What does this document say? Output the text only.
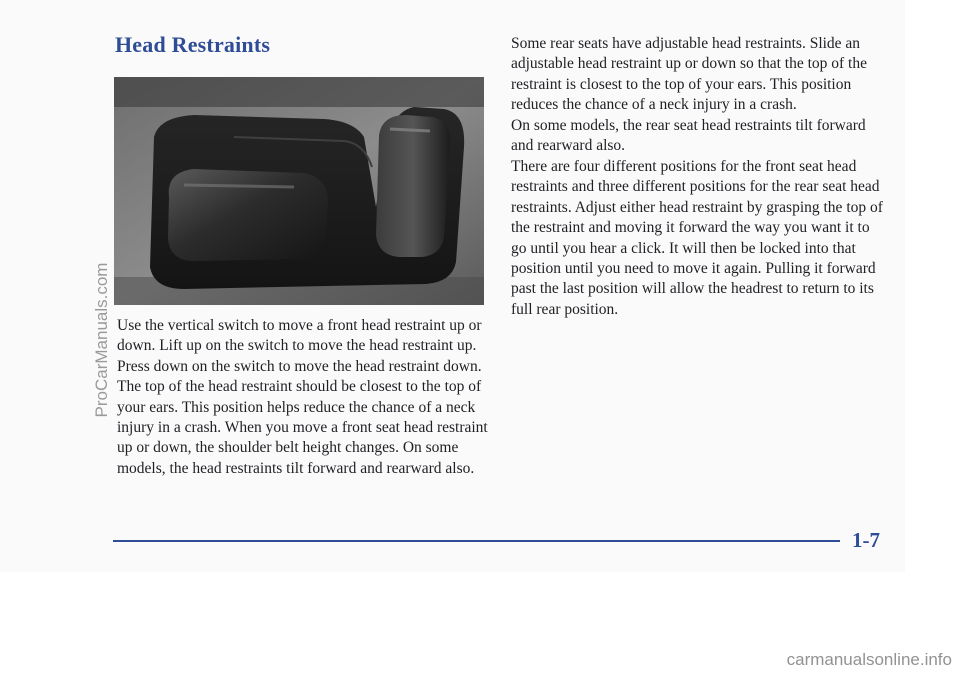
Head Restraints

Use the vertical switch to move a front head restraint up or down. Lift up on the switch to move the head restraint up. Press down on the switch to move the head restraint down. The top of the head restraint should be closest to the top of your ears. This position helps reduce the chance of a neck injury in a crash. When you move a front seat head restraint up or down, the shoulder belt height changes. On some models, the head restraints tilt forward and rearward also.

Some rear seats have adjustable head restraints. Slide an adjustable head restraint up or down so that the top of the restraint is closest to the top of your ears. This position reduces the chance of a neck injury in a crash.

On some models, the rear seat head restraints tilt forward and rearward also.

There are four different positions for the front seat head restraints and three different positions for the rear seat head restraints. Adjust either head restraint by grasping the top of the restraint and moving it forward the way you want it to go until you hear a click. It will then be locked into that position until you need to move it again. Pulling it forward past the last position will allow the headrest to return to its full rear position.

1-7
ProCarManuals.com
carmanualsonline.info
